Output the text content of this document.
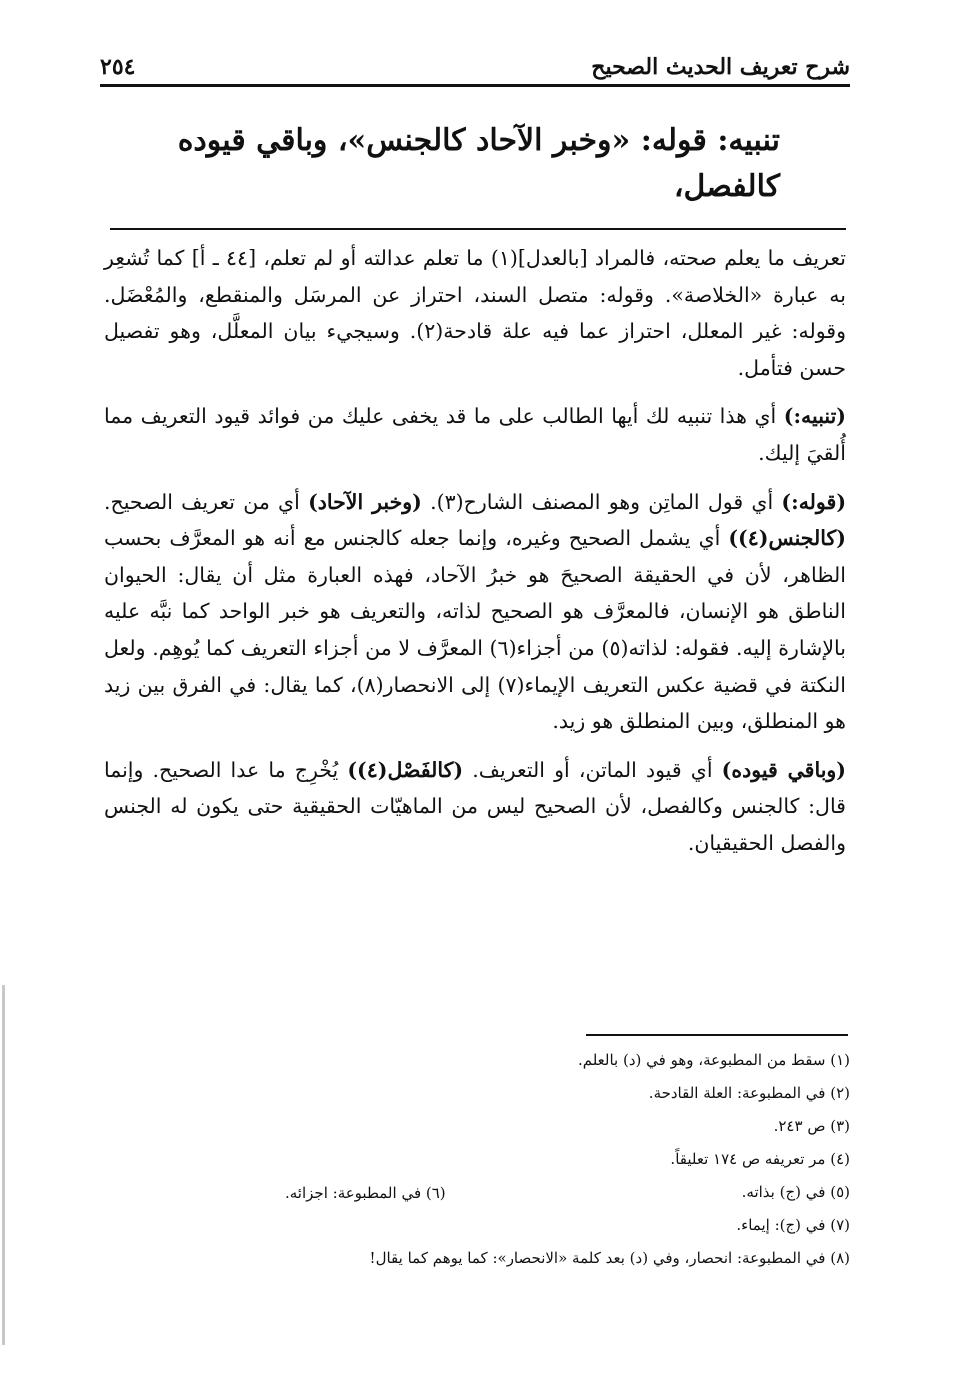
شرح تعريف الحديث الصحيح
٢٥٤
تنبيه: قوله: «وخبر الآحاد كالجنس»، وباقي قيوده كالفصل،

تعريف ما يعلم صحته، فالمراد [بالعدل](١) ما تعلم عدالته أو لم تعلم، [٤٤ ـ أ] كما تُشعِر به عبارة «الخلاصة». وقوله: متصل السند، احتراز عن المرسَل والمنقطع، والمُعْضَل. وقوله: غير المعلل، احتراز عما فيه علة قادحة(٢). وسيجيء بيان المعلَّل، وهو تفصيل حسن فتأمل.

(تنبيه:) أي هذا تنبيه لك أيها الطالب على ما قد يخفى عليك من فوائد قيود التعريف مما أُلقيَ إليك.

(قوله:) أي قول الماتِن وهو المصنف الشارح(٣). (وخبر الآحاد) أي من تعريف الصحيح. (كالجنس(٤)) أي يشمل الصحيح وغيره، وإنما جعله كالجنس مع أنه هو المعرَّف بحسب الظاهر، لأن في الحقيقة الصحيحَ هو خبرُ الآحاد، فهذه العبارة مثل أن يقال: الحيوان الناطق هو الإنسان، فالمعرَّف هو الصحيح لذاته، والتعريف هو خبر الواحد كما نبَّه عليه بالإشارة إليه. فقوله: لذاته(٥) من أجزاء(٦) المعرَّف لا من أجزاء التعريف كما يُوهِم. ولعل النكتة في قضية عكس التعريف الإيماء(٧) إلى الانحصار(٨)، كما يقال: في الفرق بين زيد هو المنطلق، وبين المنطلق هو زيد.

(وباقي قيوده) أي قيود الماتن، أو التعريف. (كالفَصْل(٤)) يُخْرِج ما عدا الصحيح. وإنما قال: كالجنس وكالفصل، لأن الصحيح ليس من الماهيّات الحقيقية حتى يكون له الجنس والفصل الحقيقيان.

(١) سقط من المطبوعة، وهو في (د) بالعلم.
(٢) في المطبوعة: العلة القادحة.
(٣) ص ٢٤٣.
(٤) مر تعريفه ص ١٧٤ تعليقاً.
(٥) في (ج) بذاته.
(٧) في (ج): إيماء.
(٨) في المطبوعة: انحصار، وفي (د) بعد كلمة «الانحصار»: كما يوهم كما يقال!
(٦) في المطبوعة: اجزائه.
